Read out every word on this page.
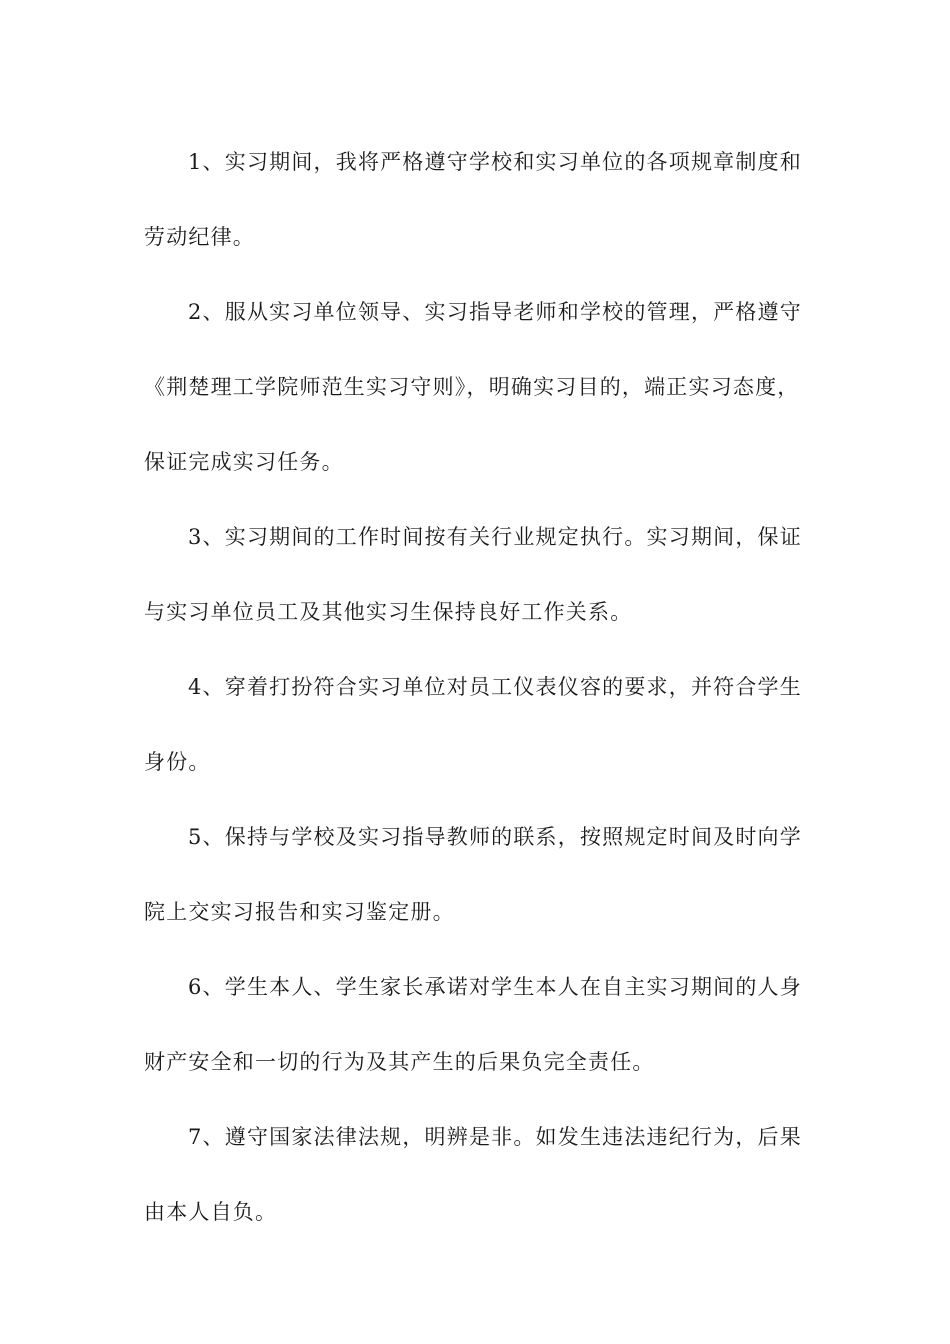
1、实习期间，我将严格遵守学校和实习单位的各项规章制度和
劳动纪律。

2、服从实习单位领导、实习指导老师和学校的管理，严格遵守
《荆楚理工学院师范生实习守则》，明确实习目的，端正实习态度，
保证完成实习任务。

3、实习期间的工作时间按有关行业规定执行。实习期间，保证
与实习单位员工及其他实习生保持良好工作关系。

4、穿着打扮符合实习单位对员工仪表仪容的要求，并符合学生
身份。

5、保持与学校及实习指导教师的联系，按照规定时间及时向学
院上交实习报告和实习鉴定册。

6、学生本人、学生家长承诺对学生本人在自主实习期间的人身
财产安全和一切的行为及其产生的后果负完全责任。

7、遵守国家法律法规，明辨是非。如发生违法违纪行为，后果
由本人自负。
